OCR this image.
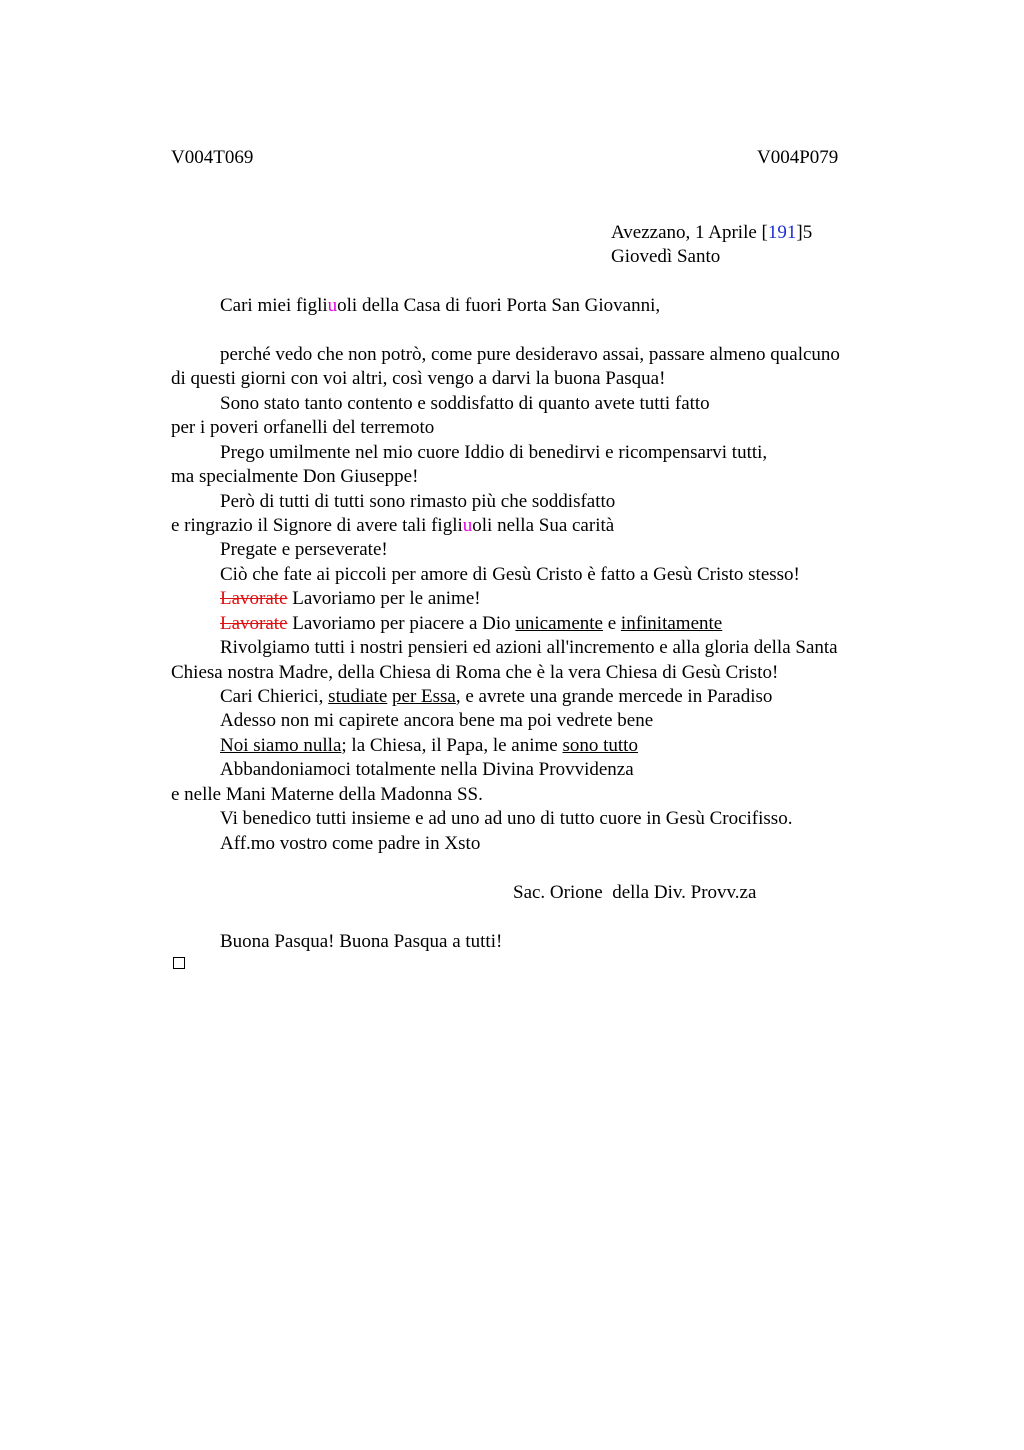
V004T069	V004P079
Avezzano, 1 Aprile [191]5
Giovedì Santo
Cari miei figliuoli della Casa di fuori Porta San Giovanni,
perché vedo che non potrò, come pure desideravo assai, passare almeno qualcuno
di questi giorni con voi altri, così vengo a darvi la buona Pasqua!
Sono stato tanto contento e soddisfatto di quanto avete tutti fatto
per i poveri orfanelli del terremoto
Prego umilmente nel mio cuore Iddio di benedirvi e ricompensarvi tutti,
ma specialmente Don Giuseppe!
Però di tutti di tutti sono rimasto più che soddisfatto
e ringrazio il Signore di avere tali figliuoli nella Sua carità
Pregate e perseverate!
Ciò che fate ai piccoli per amore di Gesù Cristo è fatto a Gesù Cristo stesso!
Lavorate Lavoriamo per le anime!
Lavorate Lavoriamo per piacere a Dio unicamente e infinitamente
Rivolgiamo tutti i nostri pensieri ed azioni all'incremento e alla gloria della Santa
Chiesa nostra Madre, della Chiesa di Roma che è la vera Chiesa di Gesù Cristo!
Cari Chierici, studiate per Essa, e avrete una grande mercede in Paradiso
Adesso non mi capirete ancora bene ma poi vedrete bene
Noi siamo nulla; la Chiesa, il Papa, le anime sono tutto
Abbandoniamoci totalmente nella Divina Provvidenza
e nelle Mani Materne della Madonna SS.
Vi benedico tutti insieme e ad uno ad uno di tutto cuore in Gesù Crocifisso.
Aff.mo vostro come padre in Xsto
Sac. Orione  della Div. Provv.za
Buona Pasqua! Buona Pasqua a tutti!
